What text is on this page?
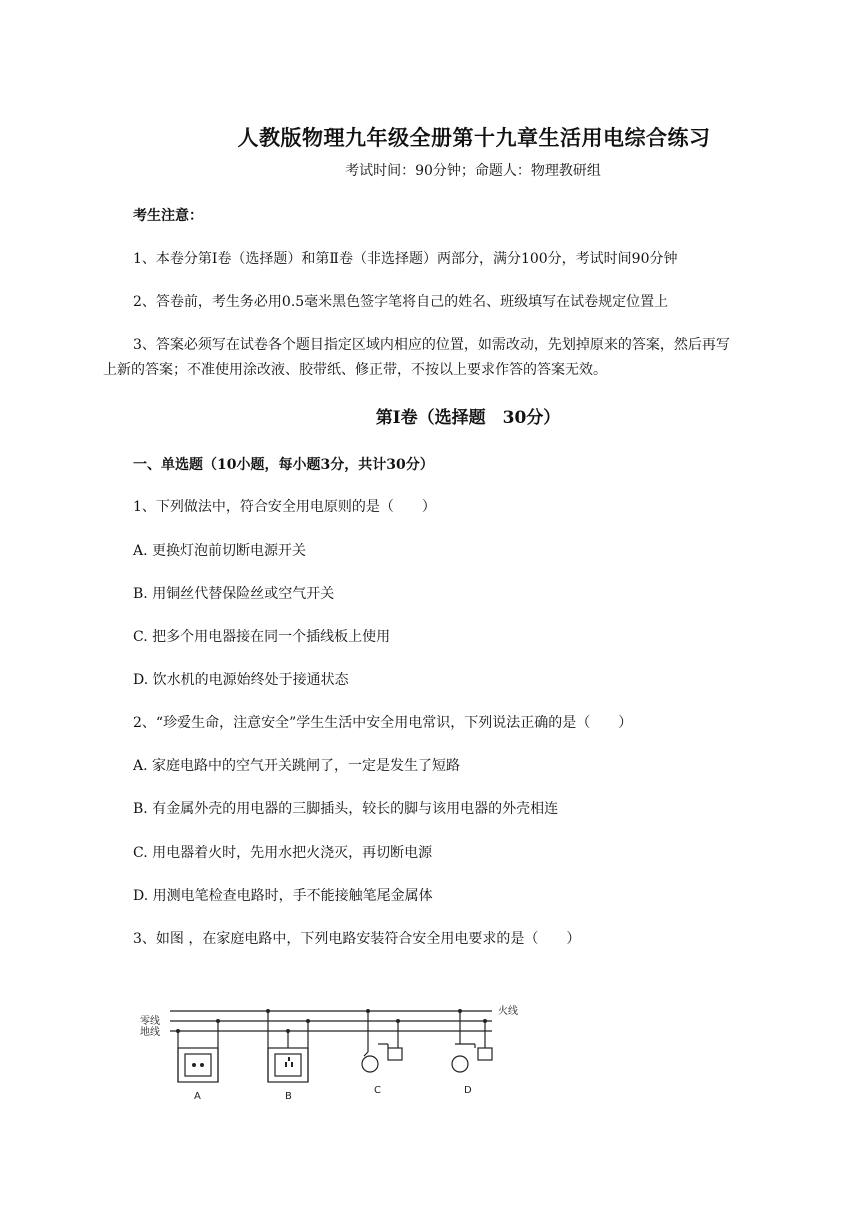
人教版物理九年级全册第十九章生活用电综合练习
考试时间：90分钟；命题人：物理教研组
考生注意：
1、本卷分第Ⅰ卷（选择题）和第Ⅱ卷（非选择题）两部分，满分100分，考试时间90分钟
2、答卷前，考生务必用0.5毫米黑色签字笔将自己的姓名、班级填写在试卷规定位置上
3、答案必须写在试卷各个题目指定区域内相应的位置，如需改动，先划掉原来的答案，然后再写
上新的答案；不准使用涂改液、胶带纸、修正带，不按以上要求作答的答案无效。
第Ⅰ卷（选择题　30分）
一、单选题（10小题，每小题3分，共计30分）
1、下列做法中，符合安全用电原则的是（　　）
A. 更换灯泡前切断电源开关
B. 用铜丝代替保险丝或空气开关
C. 把多个用电器接在同一个插线板上使用
D. 饮水机的电源始终处于接通状态
2、“珍爱生命，注意安全”学生生活中安全用电常识，下列说法正确的是（　　）
A. 家庭电路中的空气开关跳闸了，一定是发生了短路
B. 有金属外壳的用电器的三脚插头，较长的脚与该用电器的外壳相连
C. 用电器着火时，先用水把火浇灭，再切断电源
D. 用测电笔检查电路时，手不能接触笔尾金属体
3、如图 ，在家庭电路中，下列电路安装符合安全用电要求的是（　　）
火线
零线
地线
A	B
C	D
